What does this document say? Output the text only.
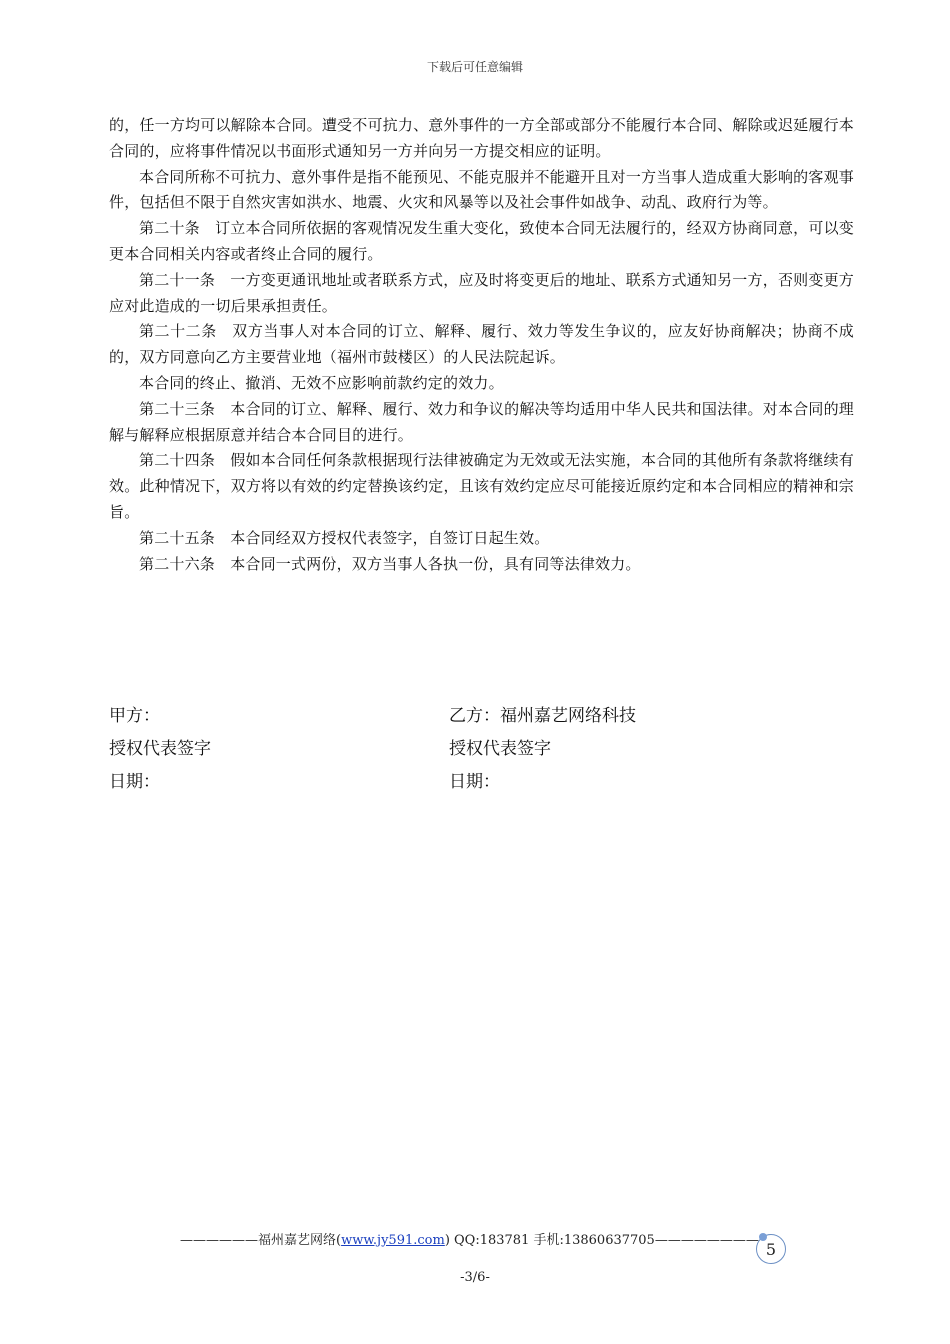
下载后可任意编辑

的，任一方均可以解除本合同。遭受不可抗力、意外事件的一方全部或部分不能履行本合同、解除或迟延履行本合同的，应将事件情况以书面形式通知另一方并向另一方提交相应的证明。

本合同所称不可抗力、意外事件是指不能预见、不能克服并不能避开且对一方当事人造成重大影响的客观事件，包括但不限于自然灾害如洪水、地震、火灾和风暴等以及社会事件如战争、动乱、政府行为等。

第二十条　订立本合同所依据的客观情况发生重大变化，致使本合同无法履行的，经双方协商同意，可以变更本合同相关内容或者终止合同的履行。

第二十一条　一方变更通讯地址或者联系方式，应及时将变更后的地址、联系方式通知另一方，否则变更方应对此造成的一切后果承担责任。

第二十二条　双方当事人对本合同的订立、解释、履行、效力等发生争议的，应友好协商解决；协商不成的，双方同意向乙方主要营业地（福州市鼓楼区）的人民法院起诉。

本合同的终止、撤消、无效不应影响前款约定的效力。

第二十三条　本合同的订立、解释、履行、效力和争议的解决等均适用中华人民共和国法律。对本合同的理解与解释应根据原意并结合本合同目的进行。

第二十四条　假如本合同任何条款根据现行法律被确定为无效或无法实施，本合同的其他所有条款将继续有效。此种情况下，双方将以有效的约定替换该约定，且该有效约定应尽可能接近原约定和本合同相应的精神和宗旨。

第二十五条　本合同经双方授权代表签字，自签订日起生效。

第二十六条　本合同一式两份，双方当事人各执一份，具有同等法律效力。

甲方：	乙方：福州嘉艺网络科技
授权代表签字	授权代表签字
日期：	日期：
——————福州嘉艺网络(www.jy591.com) QQ:183781 手机:13860637705———————— 5
-3/6-
